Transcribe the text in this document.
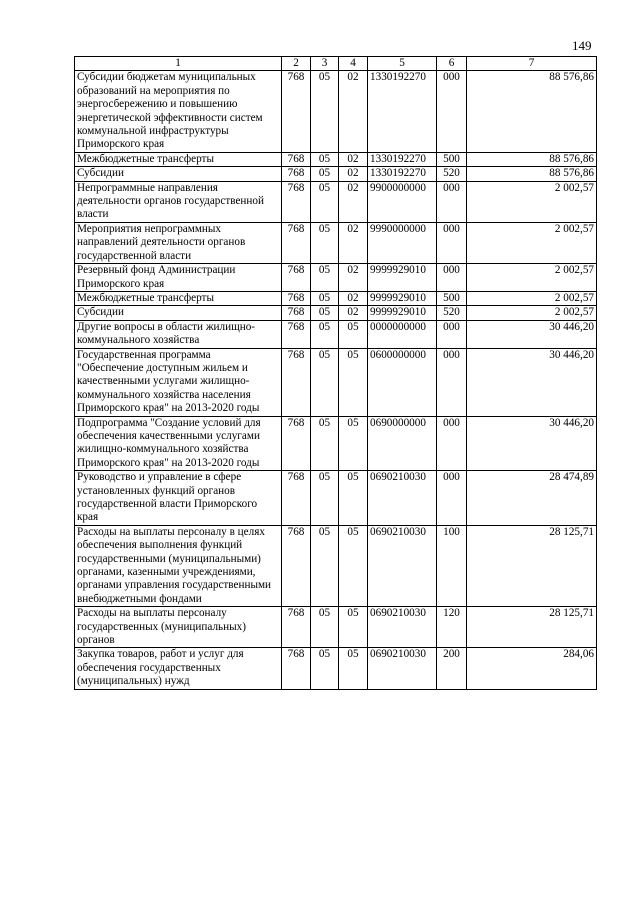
149
1	2	3	4	5	6	7
Субсидии бюджетам муниципальных образований на мероприятия по энергосбережению и повышению энергетической эффективности систем коммунальной инфраструктуры Приморского края	768	05	02	1330192270	000	88 576,86
Межбюджетные трансферты	768	05	02	1330192270	500	88 576,86
Субсидии	768	05	02	1330192270	520	88 576,86
Непрограммные направления деятельности органов государственной власти	768	05	02	9900000000	000	2 002,57
Мероприятия непрограммных направлений деятельности органов государственной власти	768	05	02	9990000000	000	2 002,57
Резервный фонд Администрации Приморского края	768	05	02	9999929010	000	2 002,57
Межбюджетные трансферты	768	05	02	9999929010	500	2 002,57
Субсидии	768	05	02	9999929010	520	2 002,57
Другие вопросы в области жилищно-коммунального хозяйства	768	05	05	0000000000	000	30 446,20
Государственная программа "Обеспечение доступным жильем и качественными услугами жилищно-коммунального хозяйства населения Приморского края" на 2013-2020 годы	768	05	05	0600000000	000	30 446,20
Подпрограмма "Создание условий для обеспечения качественными услугами жилищно-коммунального хозяйства Приморского края" на 2013-2020 годы	768	05	05	0690000000	000	30 446,20
Руководство и управление в сфере установленных функций органов государственной власти Приморского края	768	05	05	0690210030	000	28 474,89
Расходы на выплаты персоналу в целях обеспечения выполнения функций государственными (муниципальными) органами, казенными учреждениями, органами управления государственными внебюджетными фондами	768	05	05	0690210030	100	28 125,71
Расходы на выплаты персоналу государственных (муниципальных) органов	768	05	05	0690210030	120	28 125,71
Закупка товаров, работ и услуг для обеспечения государственных (муниципальных) нужд	768	05	05	0690210030	200	284,06
